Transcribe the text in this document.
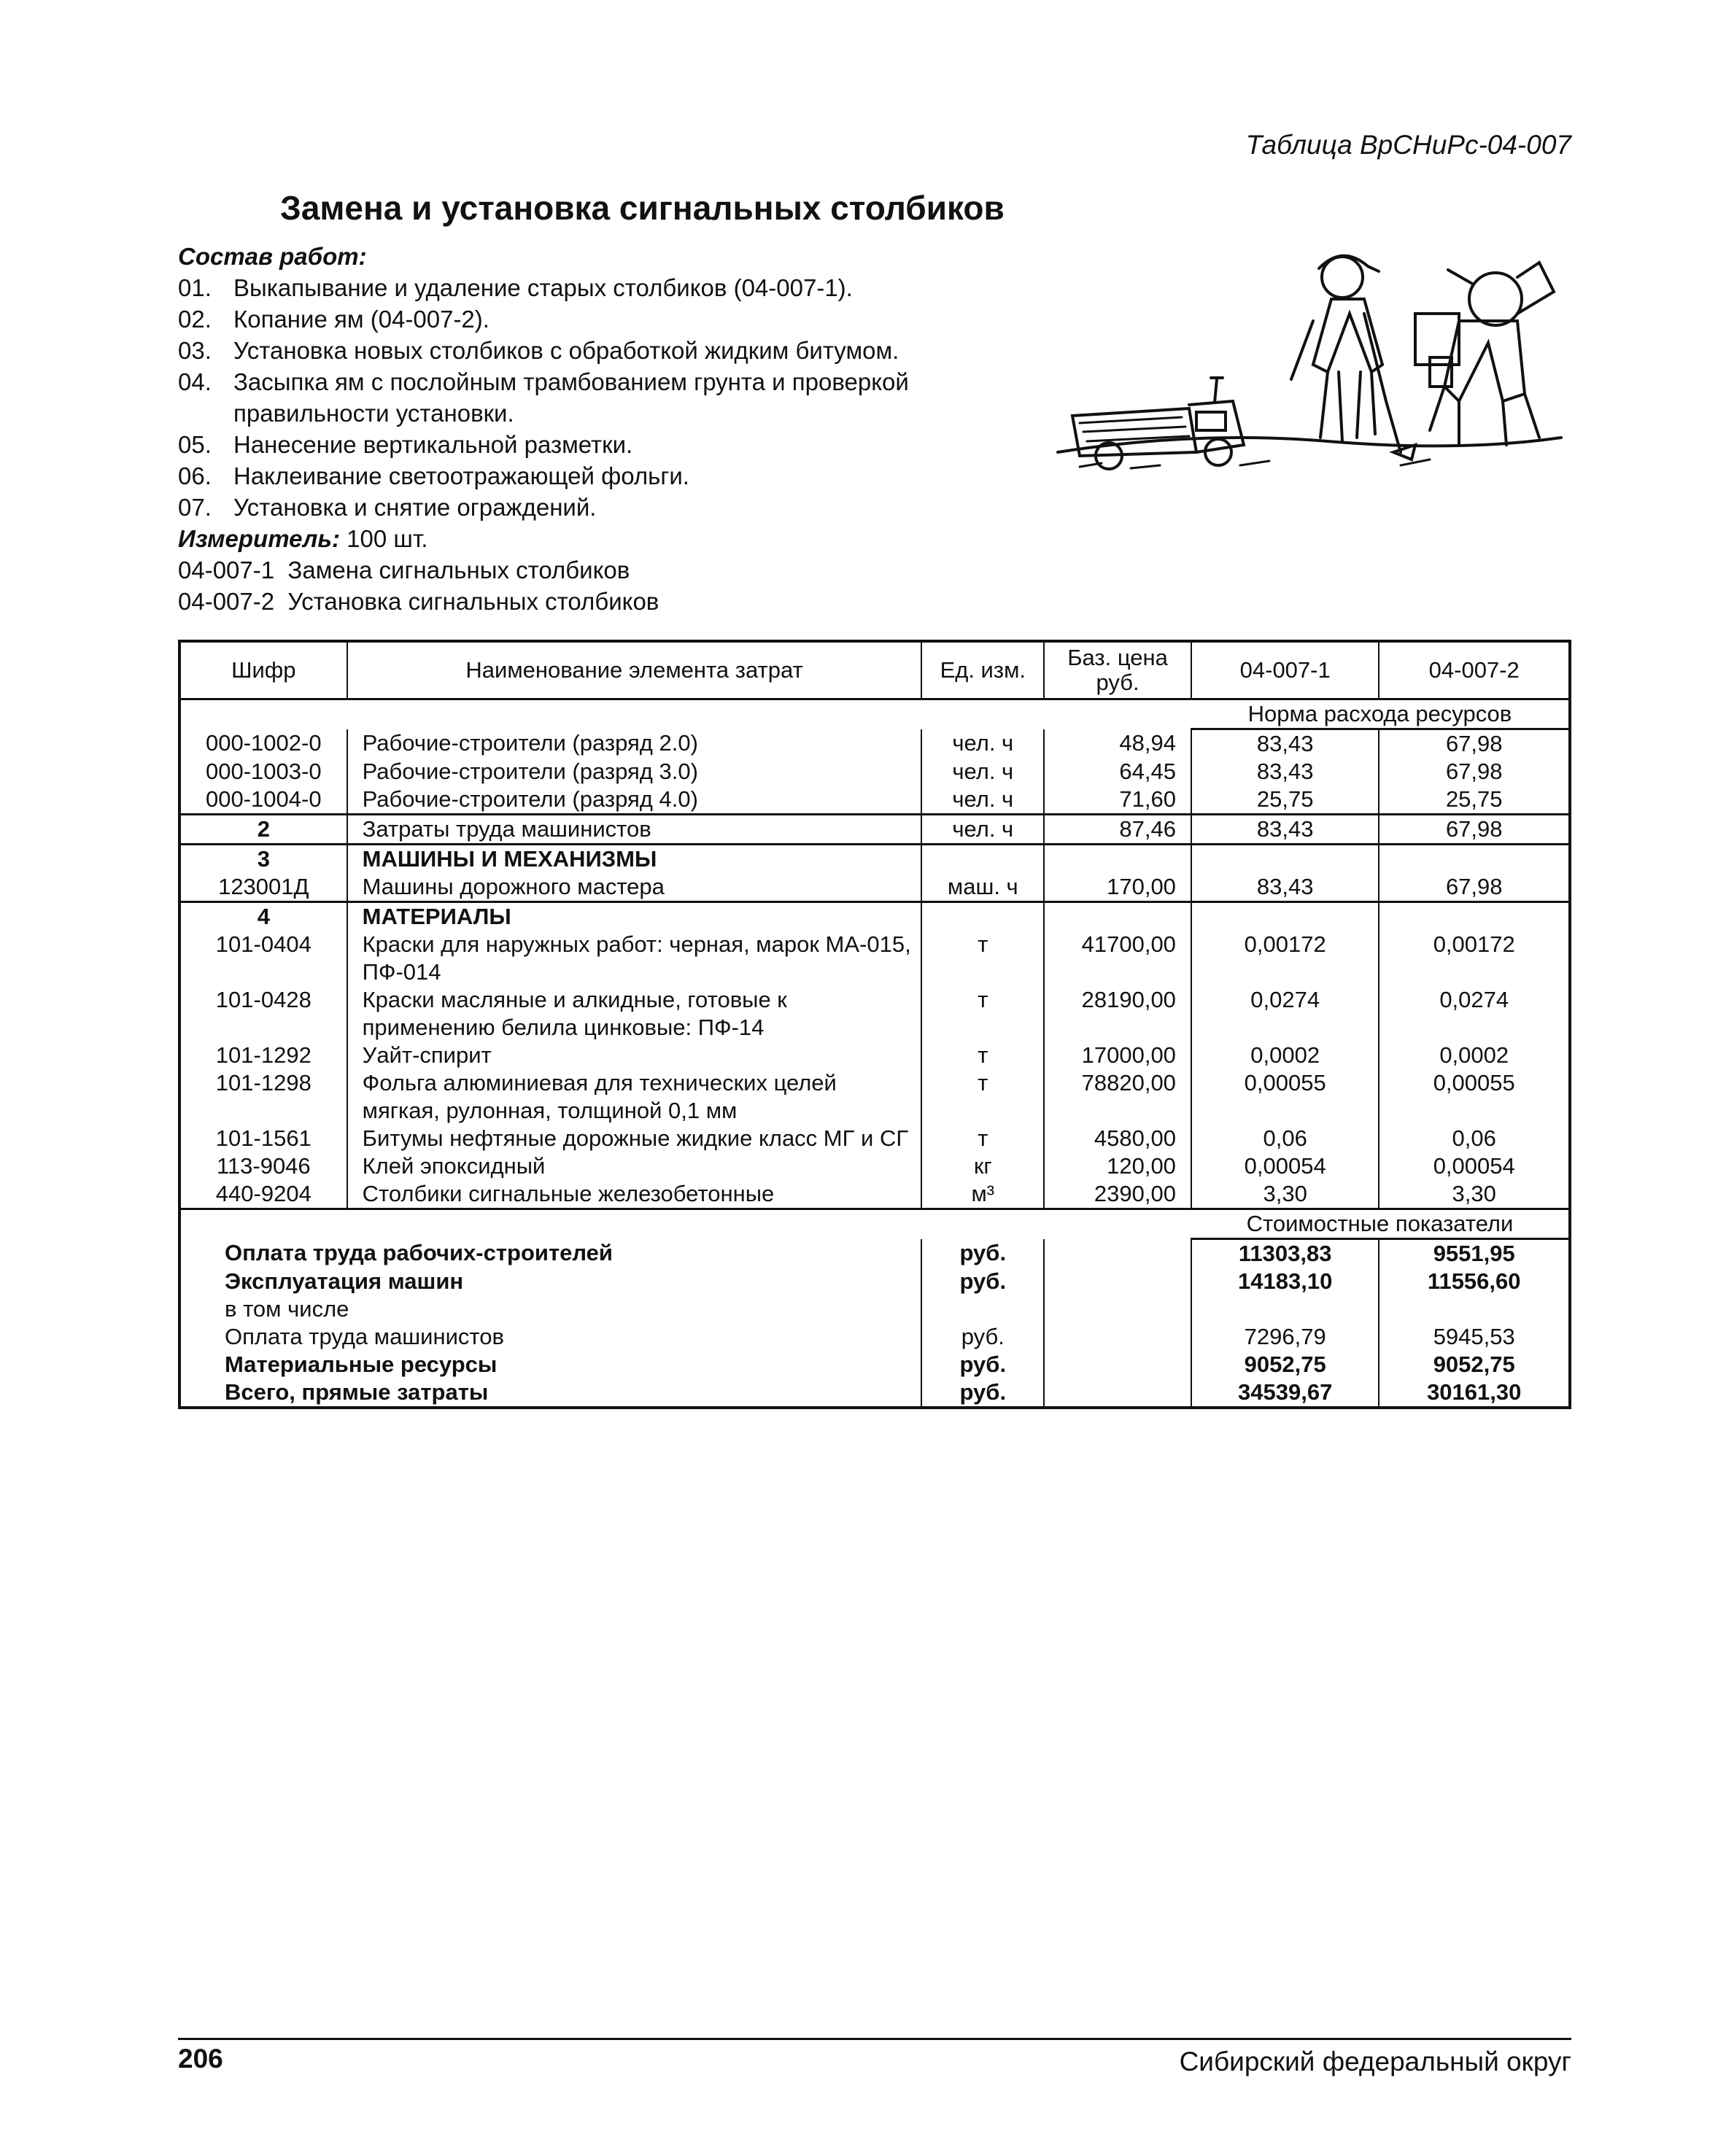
Таблица ВрСНиРс-04-007
Замена и установка сигнальных столбиков
Состав работ:
01. Выкапывание и удаление старых столбиков (04-007-1).
02. Копание ям (04-007-2).
03. Установка новых столбиков с обработкой жидким битумом.
04. Засыпка ям с послойным трамбованием грунта и проверкой правильности установки.
05. Нанесение вертикальной разметки.
06. Наклеивание светоотражающей фольги.
07. Установка и снятие ограждений.
Измеритель: 100 шт.
04-007-1  Замена сигнальных столбиков
04-007-2  Установка сигнальных столбиков
Шифр	Наименование элемента затрат	Ед. изм.	Баз. цена руб.	04-007-1	04-007-2
				Норма расхода ресурсов	
000-1002-0	Рабочие-строители (разряд 2.0)	чел. ч	48,94	83,43	67,98
000-1003-0	Рабочие-строители (разряд 3.0)	чел. ч	64,45	83,43	67,98
000-1004-0	Рабочие-строители (разряд 4.0)	чел. ч	71,60	25,75	25,75
2	Затраты труда машинистов	чел. ч	87,46	83,43	67,98
3	МАШИНЫ И МЕХАНИЗМЫ				
123001Д	Машины дорожного мастера	маш. ч	170,00	83,43	67,98
4	МАТЕРИАЛЫ				
101-0404	Краски для наружных работ: черная, марок МА-015, ПФ-014	т	41700,00	0,00172	0,00172
101-0428	Краски масляные и алкидные, готовые к применению белила цинковые: ПФ-14	т	28190,00	0,0274	0,0274
101-1292	Уайт-спирит	т	17000,00	0,0002	0,0002
101-1298	Фольга алюминиевая для технических целей мягкая, рулонная, толщиной 0,1 мм	т	78820,00	0,00055	0,00055
101-1561	Битумы нефтяные дорожные жидкие класс МГ и СГ	т	4580,00	0,06	0,06
113-9046	Клей эпоксидный	кг	120,00	0,00054	0,00054
440-9204	Столбики сигнальные железобетонные	м³	2390,00	3,30	3,30
				Стоимостные показатели	
Оплата труда рабочих-строителей		руб.		11303,83	9551,95
Эксплуатация машин		руб.		14183,10	11556,60
в том числе					
Оплата труда машинистов		руб.		7296,79	5945,53
Материальные ресурсы		руб.		9052,75	9052,75
Всего, прямые затраты		руб.		34539,67	30161,30
206	Сибирский федеральный округ
